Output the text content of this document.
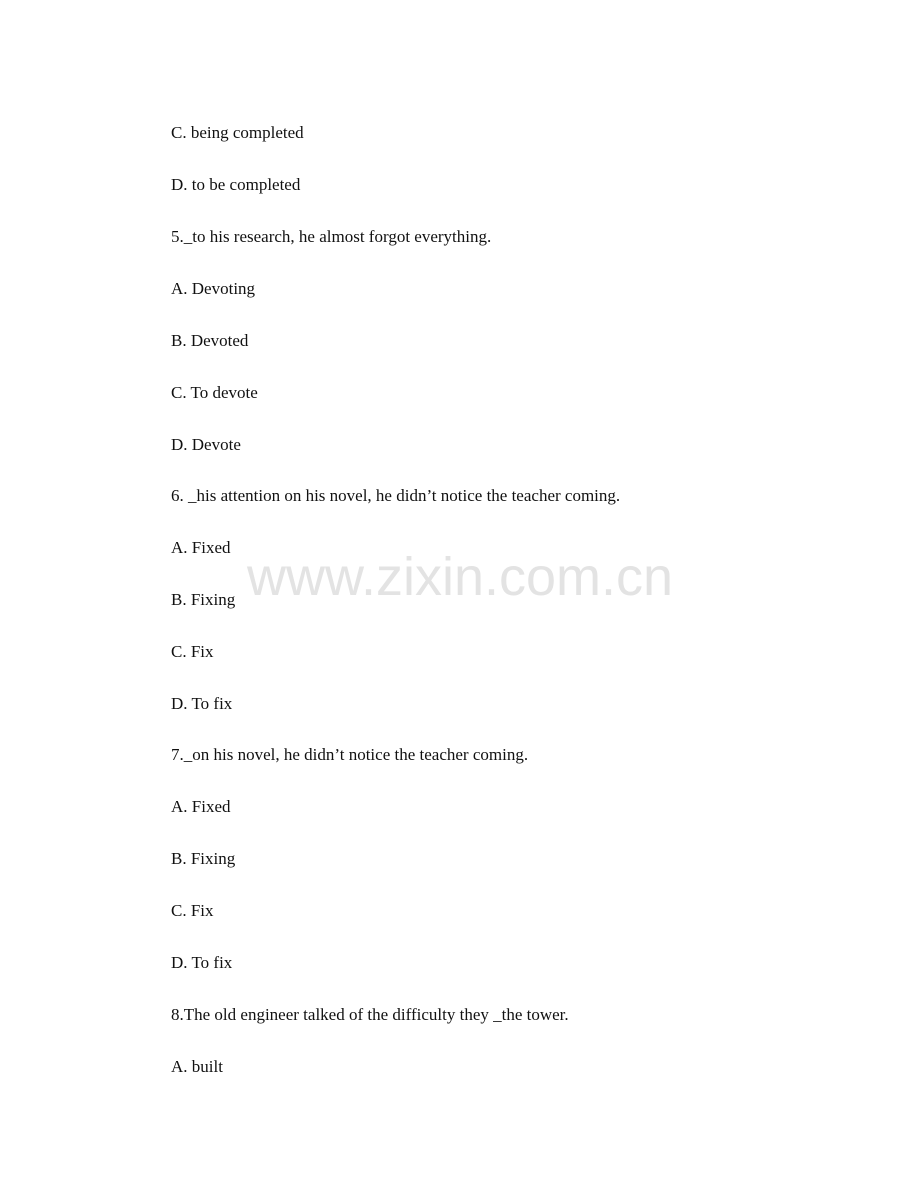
C. being completed

D. to be completed

5._to his research, he almost forgot everything.

A. Devoting

B. Devoted

C. To devote

D. Devote

6. _his attention on his novel, he didn’t notice the teacher coming.

A. Fixed

B. Fixing

C. Fix

D. To fix

7._on his novel, he didn’t notice the teacher coming.

A. Fixed

B. Fixing

C. Fix

D. To fix

8.The old engineer talked of the difficulty they _the tower.

A. built

www.zixin.com.cn
